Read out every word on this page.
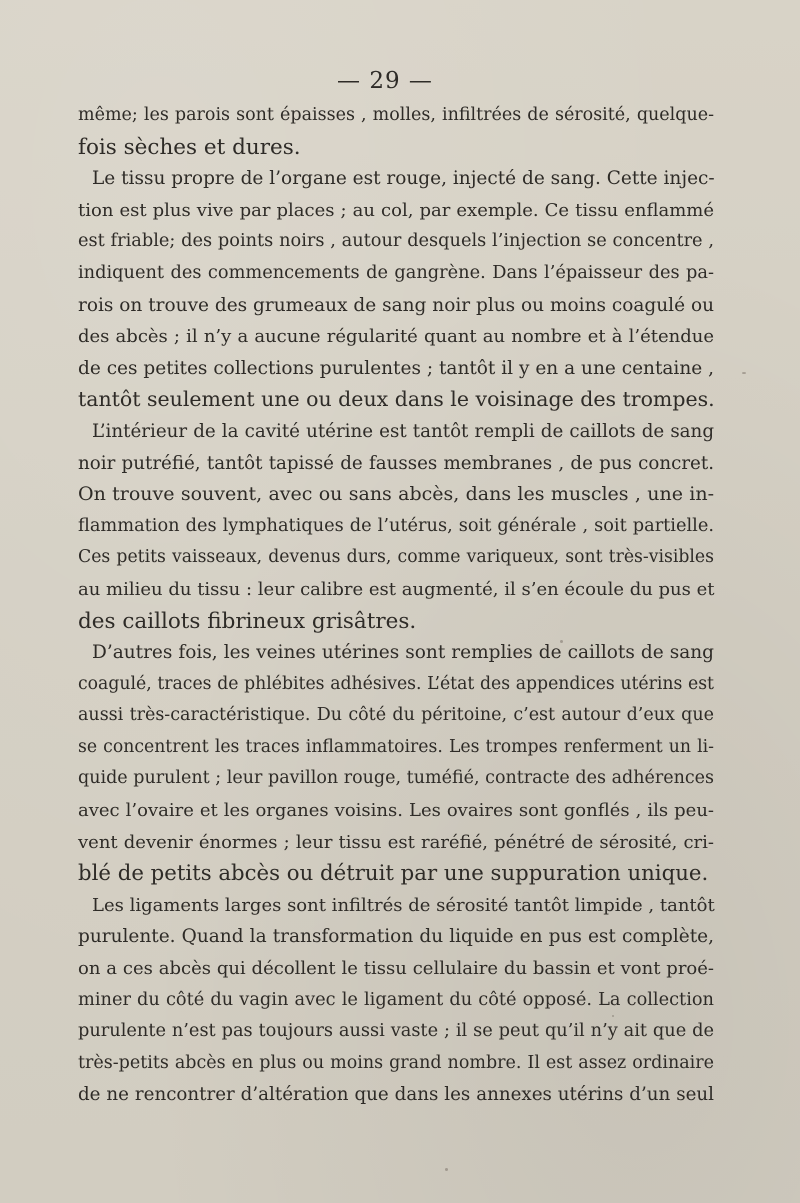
— 29 —
même; les parois sont épaisses , molles, infiltrées de sérosité, quelque-
fois sèches et dures.
Le tissu propre de l’organe est rouge, injecté de sang. Cette injec-
tion est plus vive par places ; au col, par exemple. Ce tissu enflammé
est friable; des points noirs , autour desquels l’injection se concentre ,
indiquent des commencements de gangrène. Dans l’épaisseur des pa-
rois on trouve des grumeaux de sang noir plus ou moins coagulé ou
des abcès ; il n’y a aucune régularité quant au nombre et à l’étendue
de ces petites collections purulentes ; tantôt il y en a une centaine ,
tantôt seulement une ou deux dans le voisinage des trompes.
L’intérieur de la cavité utérine est tantôt rempli de caillots de sang
noir putréfié, tantôt tapissé de fausses membranes , de pus concret.
On trouve souvent, avec ou sans abcès, dans les muscles , une in-
flammation des lymphatiques de l’utérus, soit générale , soit partielle.
Ces petits vaisseaux, devenus durs, comme variqueux, sont très-visibles
au milieu du tissu : leur calibre est augmenté, il s’en écoule du pus et
des caillots fibrineux grisâtres.
D’autres fois, les veines utérines sont remplies de caillots de sang
coagulé, traces de phlébites adhésives. L’état des appendices utérins est
aussi très-caractéristique. Du côté du péritoine, c’est autour d’eux que
se concentrent les traces inflammatoires. Les trompes renferment un li-
quide purulent ; leur pavillon rouge, tuméfié, contracte des adhérences
avec l’ovaire et les organes voisins. Les ovaires sont gonflés , ils peu-
vent devenir énormes ; leur tissu est raréfié, pénétré de sérosité, cri-
blé de petits abcès ou détruit par une suppuration unique.
Les ligaments larges sont infiltrés de sérosité tantôt limpide , tantôt
purulente. Quand la transformation du liquide en pus est complète,
on a ces abcès qui décollent le tissu cellulaire du bassin et vont proé-
miner du côté du vagin avec le ligament du côté opposé. La collection
purulente n’est pas toujours aussi vaste ; il se peut qu’il n’y ait que de
très-petits abcès en plus ou moins grand nombre. Il est assez ordinaire
de ne rencontrer d’altération que dans les annexes utérins d’un seul
